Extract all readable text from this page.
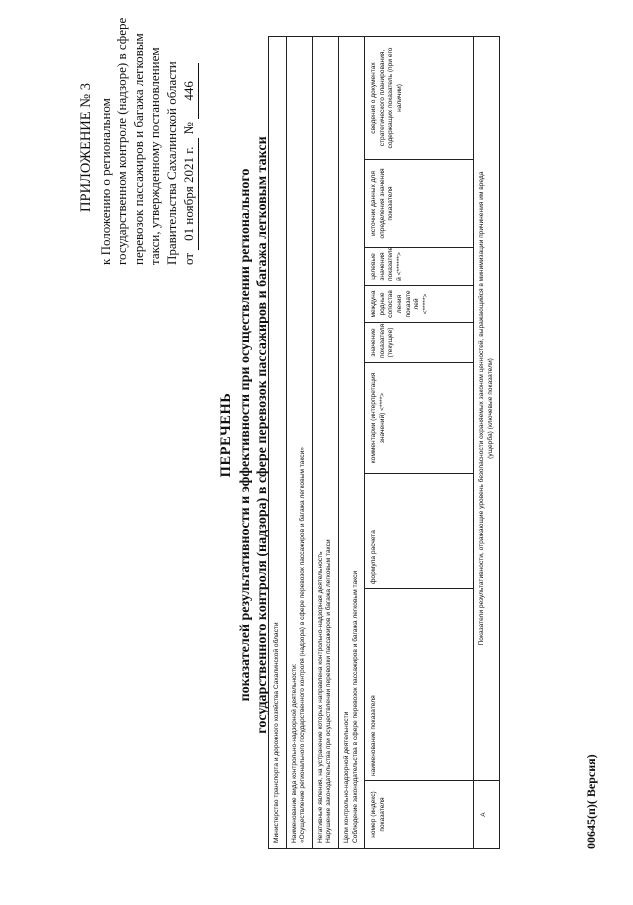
ПРИЛОЖЕНИЕ № 3 к Положению о региональном государственном контроле (надзоре) в сфере перевозок пассажиров и багажа легковым такси, утвержденному постановлением Правительства Сахалинской области от 01 ноября 2021 г. № 446
ПЕРЕЧЕНЬ показателей результативности и эффективности при осуществлении регионального государственного контроля (надзора) в сфере перевозок пассажиров и багажа легковым такси Министерство транспорта и дорожного хозяйства Сахалинской области Наименование вида контрольно-надзорной деятельности: «Осуществление регионального государственного контроля (надзора) в сфере перевозок пассажиров и багажа легковым такси» Негативные явления, на устранение которых направлена контрольно-надзорная деятельность Нарушение законодательства при осуществлении перевозки пассажиров и багажа легковым такси Цели контрольно-надзорной деятельности Соблюдение законодательства в сфере перевозок пассажиров и багажа легковым такси	номер (индекс) показателя
наименование показателя
формула расчета
комментарии (интерпретация значений) <****>
значение показателя (текущее)
междуна родные сопостав ления показате лей <*****>
целевые значения показателе й <******>
источник данных для определения значения показателя
сведения о документах стратегического планирования, содержащих показатель (при его наличии)
А
Показатели результативности, отражающие уровень безопасности охраняемых законом ценностей, выражающийся в минимизации причинения им вреда (ущерба) (ключевые показатели)
00645(п)( Версия)
